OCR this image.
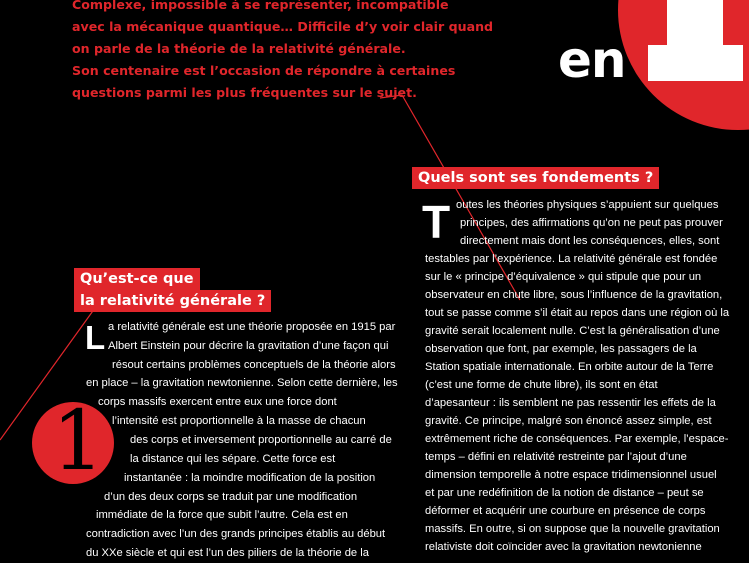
Complexe, impossible à se représenter, incompatible
avec la mécanique quantique… Difficile d’y voir clair quand
on parle de la théorie de la relativité générale.
Son centenaire est l’occasion de répondre à certaines
questions parmi les plus fréquentes sur le sujet.

en
Qu’est-ce que
la relativité générale ?
1
L a relativité générale est une théorie proposée en 1915 par
Albert Einstein pour décrire la gravitation d’une façon qui
résout certains problèmes conceptuels de la théorie alors
en place – la gravitation newtonienne. Selon cette dernière, les
corps massifs exercent entre eux une force dont
l’intensité est proportionnelle à la masse de chacun
des corps et inversement proportionnelle au carré de
la distance qui les sépare. Cette force est
instantanée : la moindre modification de la position
d’un des deux corps se traduit par une modification
immédiate de la force que subit l’autre. Cela est en
contradiction avec l’un des grands principes établis au début
du XXe siècle et qui est l’un des piliers de la théorie de la
Quels sont ses fondements ?
T outes les théories physiques s’appuient sur quelques
principes, des affirmations qu’on ne peut pas prouver
directement mais dont les conséquences, elles, sont
testables par l’expérience. La relativité générale est fondée
sur le « principe d’équivalence » qui stipule que pour un
observateur en chute libre, sous l’influence de la gravitation,
tout se passe comme s’il était au repos dans une région où la
gravité serait localement nulle. C’est la généralisation d’une
observation que font, par exemple, les passagers de la
Station spatiale internationale. En orbite autour de la Terre
(c’est une forme de chute libre), ils sont en état
d’apesanteur : ils semblent ne pas ressentir les effets de la
gravité. Ce principe, malgré son énoncé assez simple, est
extrêmement riche de conséquences. Par exemple, l’espace-
temps – défini en relativité restreinte par l’ajout d’une
dimension temporelle à notre espace tridimensionnel usuel
et par une redéfinition de la notion de distance – peut se
déformer et acquérir une courbure en présence de corps
massifs. En outre, si on suppose que la nouvelle gravitation
relativiste doit coïncider avec la gravitation newtonienne
